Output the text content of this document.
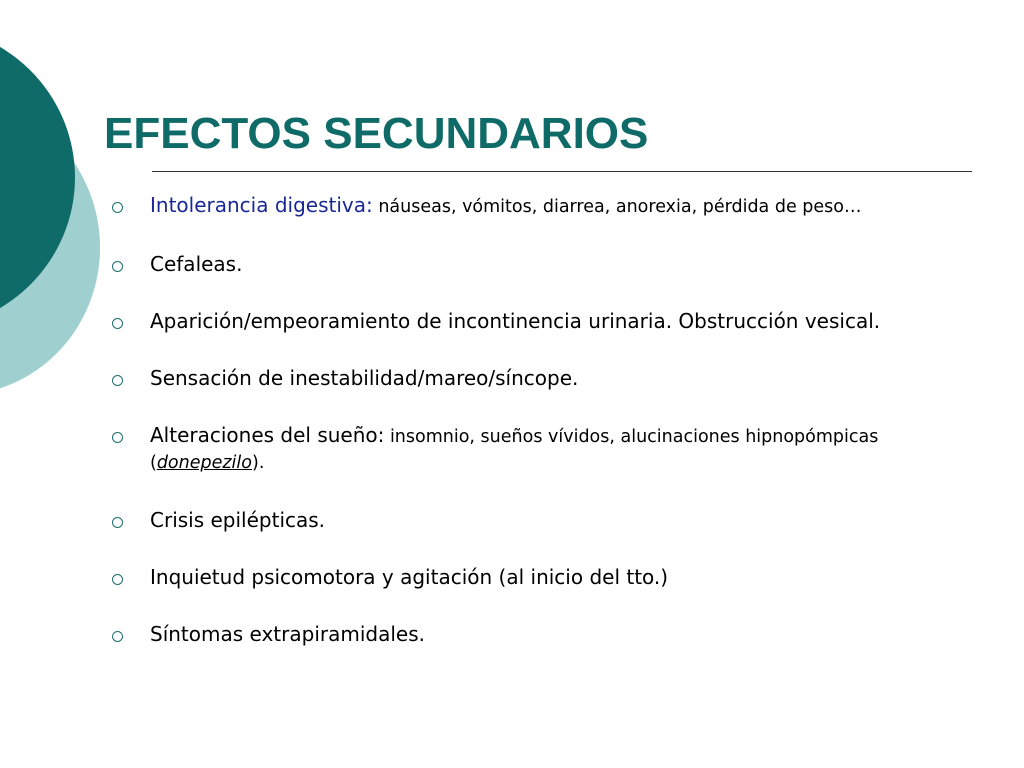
EFECTOS SECUNDARIOS
Intolerancia digestiva: náuseas, vómitos, diarrea, anorexia, pérdida de peso…
Cefaleas.
Aparición/empeoramiento de incontinencia urinaria. Obstrucción vesical.
Sensación de inestabilidad/mareo/síncope.
Alteraciones del sueño: insomnio, sueños vívidos, alucinaciones hipnopómpicas (donepezilo).
Crisis epilépticas.
Inquietud psicomotora y agitación (al inicio del tto.)
Síntomas extrapiramidales.
